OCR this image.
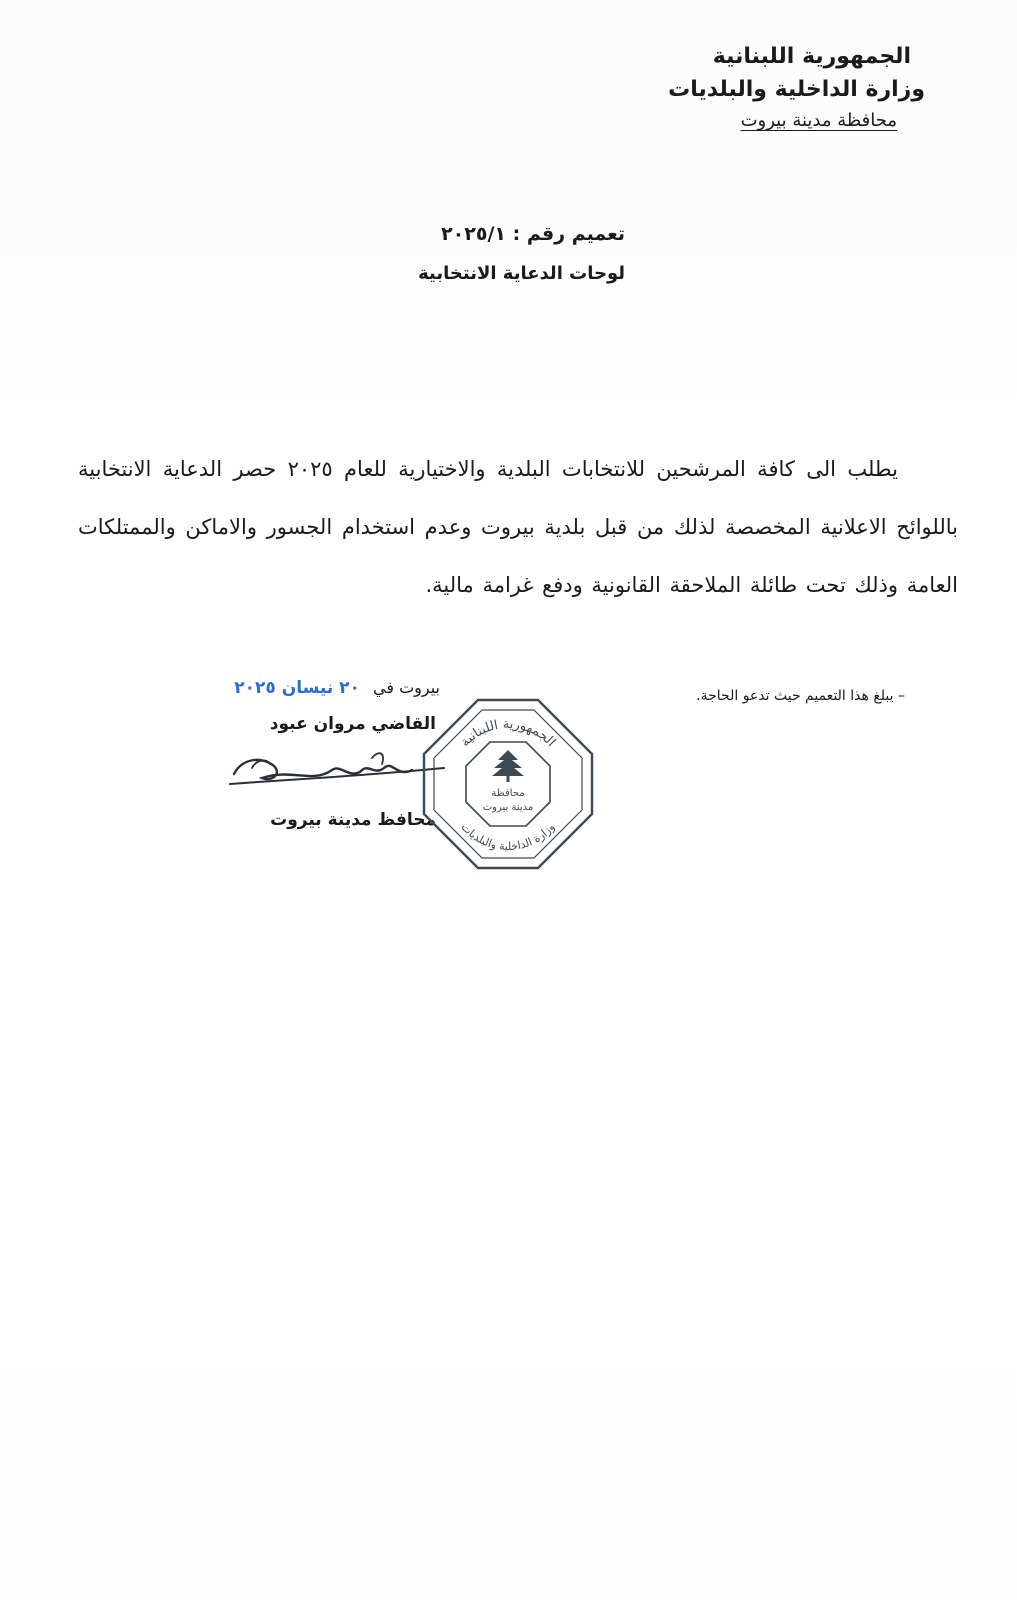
الجمهورية اللبنانية
وزارة الداخلية والبلديات
محافظة مدينة بيروت
تعميم رقم : ٢٠٢٥/١
لوحات الدعاية الانتخابية
يطلب الى كافة المرشحين للانتخابات البلدية والاختيارية للعام ٢٠٢٥ حصر الدعاية الانتخابية باللوائح الاعلانية المخصصة لذلك من قبل بلدية بيروت وعدم استخدام الجسور والاماكن والممتلكات العامة وذلك تحت طائلة الملاحقة القانونية ودفع غرامة مالية.
– يبلغ هذا التعميم حيث تدعو الحاجة.
بيروت في ٢٠ نيسان ٢٠٢٥
القاضي مروان عبود
محافظ مدينة بيروت
الجمهورية اللبنانية
وزارة الداخلية والبلديات
محافظة
مدينة بيروت
